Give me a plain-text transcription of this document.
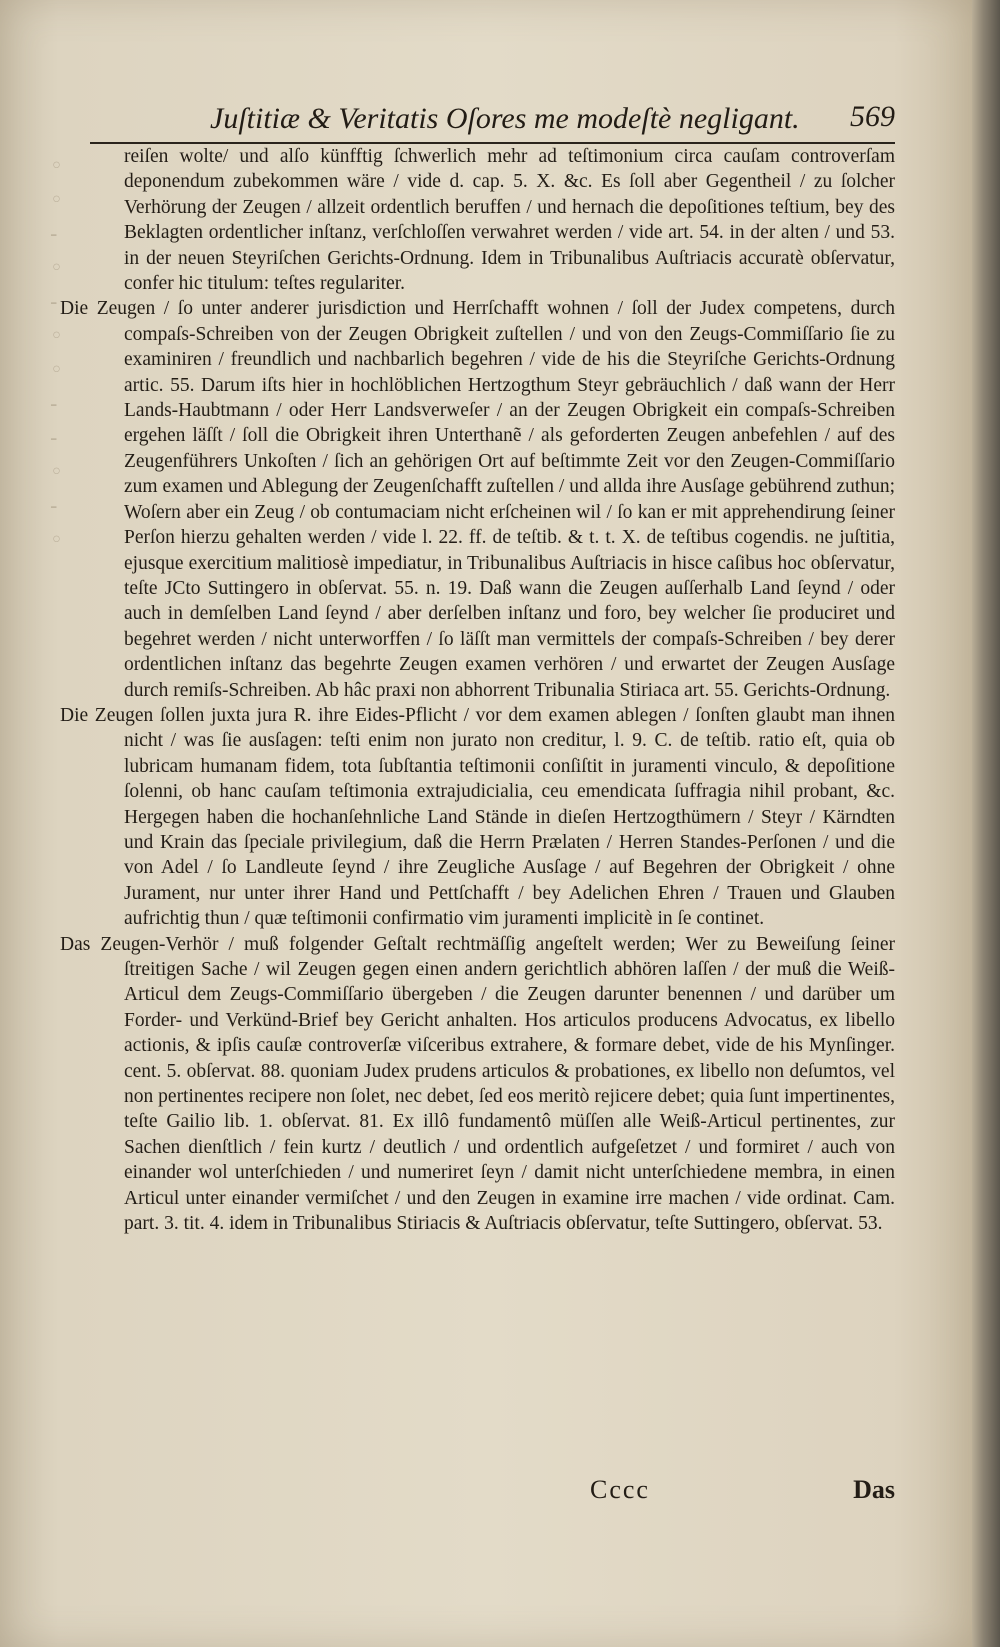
◦
◦
-
◦
-
◦
◦
-
-
◦
-
◦
Juſtitiæ & Veritatis Oſores me modeſtè negligant. 569

reiſen wolte/ und alſo künfftig ſchwerlich mehr ad teſtimonium circa cauſam controverſam deponendum zubekommen wäre / vide d. cap. 5. X. &c. Es ſoll aber Gegentheil / zu ſolcher Verhörung der Zeugen / allzeit ordentlich beruffen / und hernach die depoſitiones teſtium, bey des Beklagten ordentlicher inſtanz, verſchloſſen verwahret werden / vide art. 54. in der alten / und 53. in der neuen Steyriſchen Gerichts-Ordnung. Idem in Tribunalibus Auſtriacis accuratè obſervatur, confer hic titulum: teſtes regulariter.

Die Zeugen / ſo unter anderer jurisdiction und Herrſchafft wohnen / ſoll der Judex competens, durch compaſs-Schreiben von der Zeugen Obrigkeit zuſtellen / und von den Zeugs-Commiſſario ſie zu examiniren / freundlich und nachbarlich begehren / vide de his die Steyriſche Gerichts-Ordnung artic. 55. Darum iſts hier in hochlöblichen Hertzogthum Steyr gebräuchlich / daß wann der Herr Lands-Haubtmann / oder Herr Landsverweſer / an der Zeugen Obrigkeit ein compaſs-Schreiben ergehen läſſt / ſoll die Obrigkeit ihren Unterthanẽ / als geforderten Zeugen anbefehlen / auf des Zeugenführers Unkoſten / ſich an gehörigen Ort auf beſtimmte Zeit vor den Zeugen-Commiſſario zum examen und Ablegung der Zeugenſchafft zuſtellen / und allda ihre Ausſage gebührend zuthun; Woſern aber ein Zeug / ob contumaciam nicht erſcheinen wil / ſo kan er mit apprehendirung ſeiner Perſon hierzu gehalten werden / vide l. 22. ff. de teſtib. & t. t. X. de teſtibus cogendis. ne juſtitia, ejusque exercitium malitiosè impediatur, in Tribunalibus Auſtriacis in hisce caſibus hoc obſervatur, teſte JCto Suttingero in obſervat. 55. n. 19. Daß wann die Zeugen auſſerhalb Land ſeynd / oder auch in demſelben Land ſeynd / aber derſelben inſtanz und foro, bey welcher ſie produciret und begehret werden / nicht unterworffen / ſo läſſt man vermittels der compaſs-Schreiben / bey derer ordentlichen inſtanz das begehrte Zeugen examen verhören / und erwartet der Zeugen Ausſage durch remiſs-Schreiben. Ab hâc praxi non abhorrent Tribunalia Stiriaca art. 55. Gerichts-Ordnung.

Die Zeugen ſollen juxta jura R. ihre Eides-Pflicht / vor dem examen ablegen / ſonſten glaubt man ihnen nicht / was ſie ausſagen: teſti enim non jurato non creditur, l. 9. C. de teſtib. ratio eſt, quia ob lubricam humanam fidem, tota ſubſtantia teſtimonii conſiſtit in juramenti vinculo, & depoſitione ſolenni, ob hanc cauſam teſtimonia extrajudicialia, ceu emendicata ſuffragia nihil probant, &c. Hergegen haben die hochanſehnliche Land Stände in dieſen Hertzogthümern / Steyr / Kärndten und Krain das ſpeciale privilegium, daß die Herrn Prælaten / Herren Standes-Perſonen / und die von Adel / ſo Landleute ſeynd / ihre Zeugliche Ausſage / auf Begehren der Obrigkeit / ohne Jurament, nur unter ihrer Hand und Pettſchafft / bey Adelichen Ehren / Trauen und Glauben aufrichtig thun / quæ teſtimonii confirmatio vim juramenti implicitè in ſe continet.

Das Zeugen-Verhör / muß folgender Geſtalt rechtmäſſig angeſtelt werden; Wer zu Beweiſung ſeiner ſtreitigen Sache / wil Zeugen gegen einen andern gerichtlich abhören laſſen / der muß die Weiß-Articul dem Zeugs-Commiſſario übergeben / die Zeugen darunter benennen / und darüber um Forder- und Verkünd-Brief bey Gericht anhalten. Hos articulos producens Advocatus, ex libello actionis, & ipſis cauſæ controverſæ viſceribus extrahere, & formare debet, vide de his Mynſinger. cent. 5. obſervat. 88. quoniam Judex prudens articulos & probationes, ex libello non deſumtos, vel non pertinentes recipere non ſolet, nec debet, ſed eos meritò rejicere debet; quia ſunt impertinentes, teſte Gailio lib. 1. obſervat. 81. Ex illô fundamentô müſſen alle Weiß-Articul pertinentes, zur Sachen dienſtlich / fein kurtz / deutlich / und ordentlich aufgeſetzet / und formiret / auch von einander wol unterſchieden / und numeriret ſeyn / damit nicht unterſchiedene membra, in einen Articul unter einander vermiſchet / und den Zeugen in examine irre machen / vide ordinat. Cam. part. 3. tit. 4. idem in Tribunalibus Stiriacis & Auſtriacis obſervatur, teſte Suttingero, obſervat. 53.

Cccc	Das
